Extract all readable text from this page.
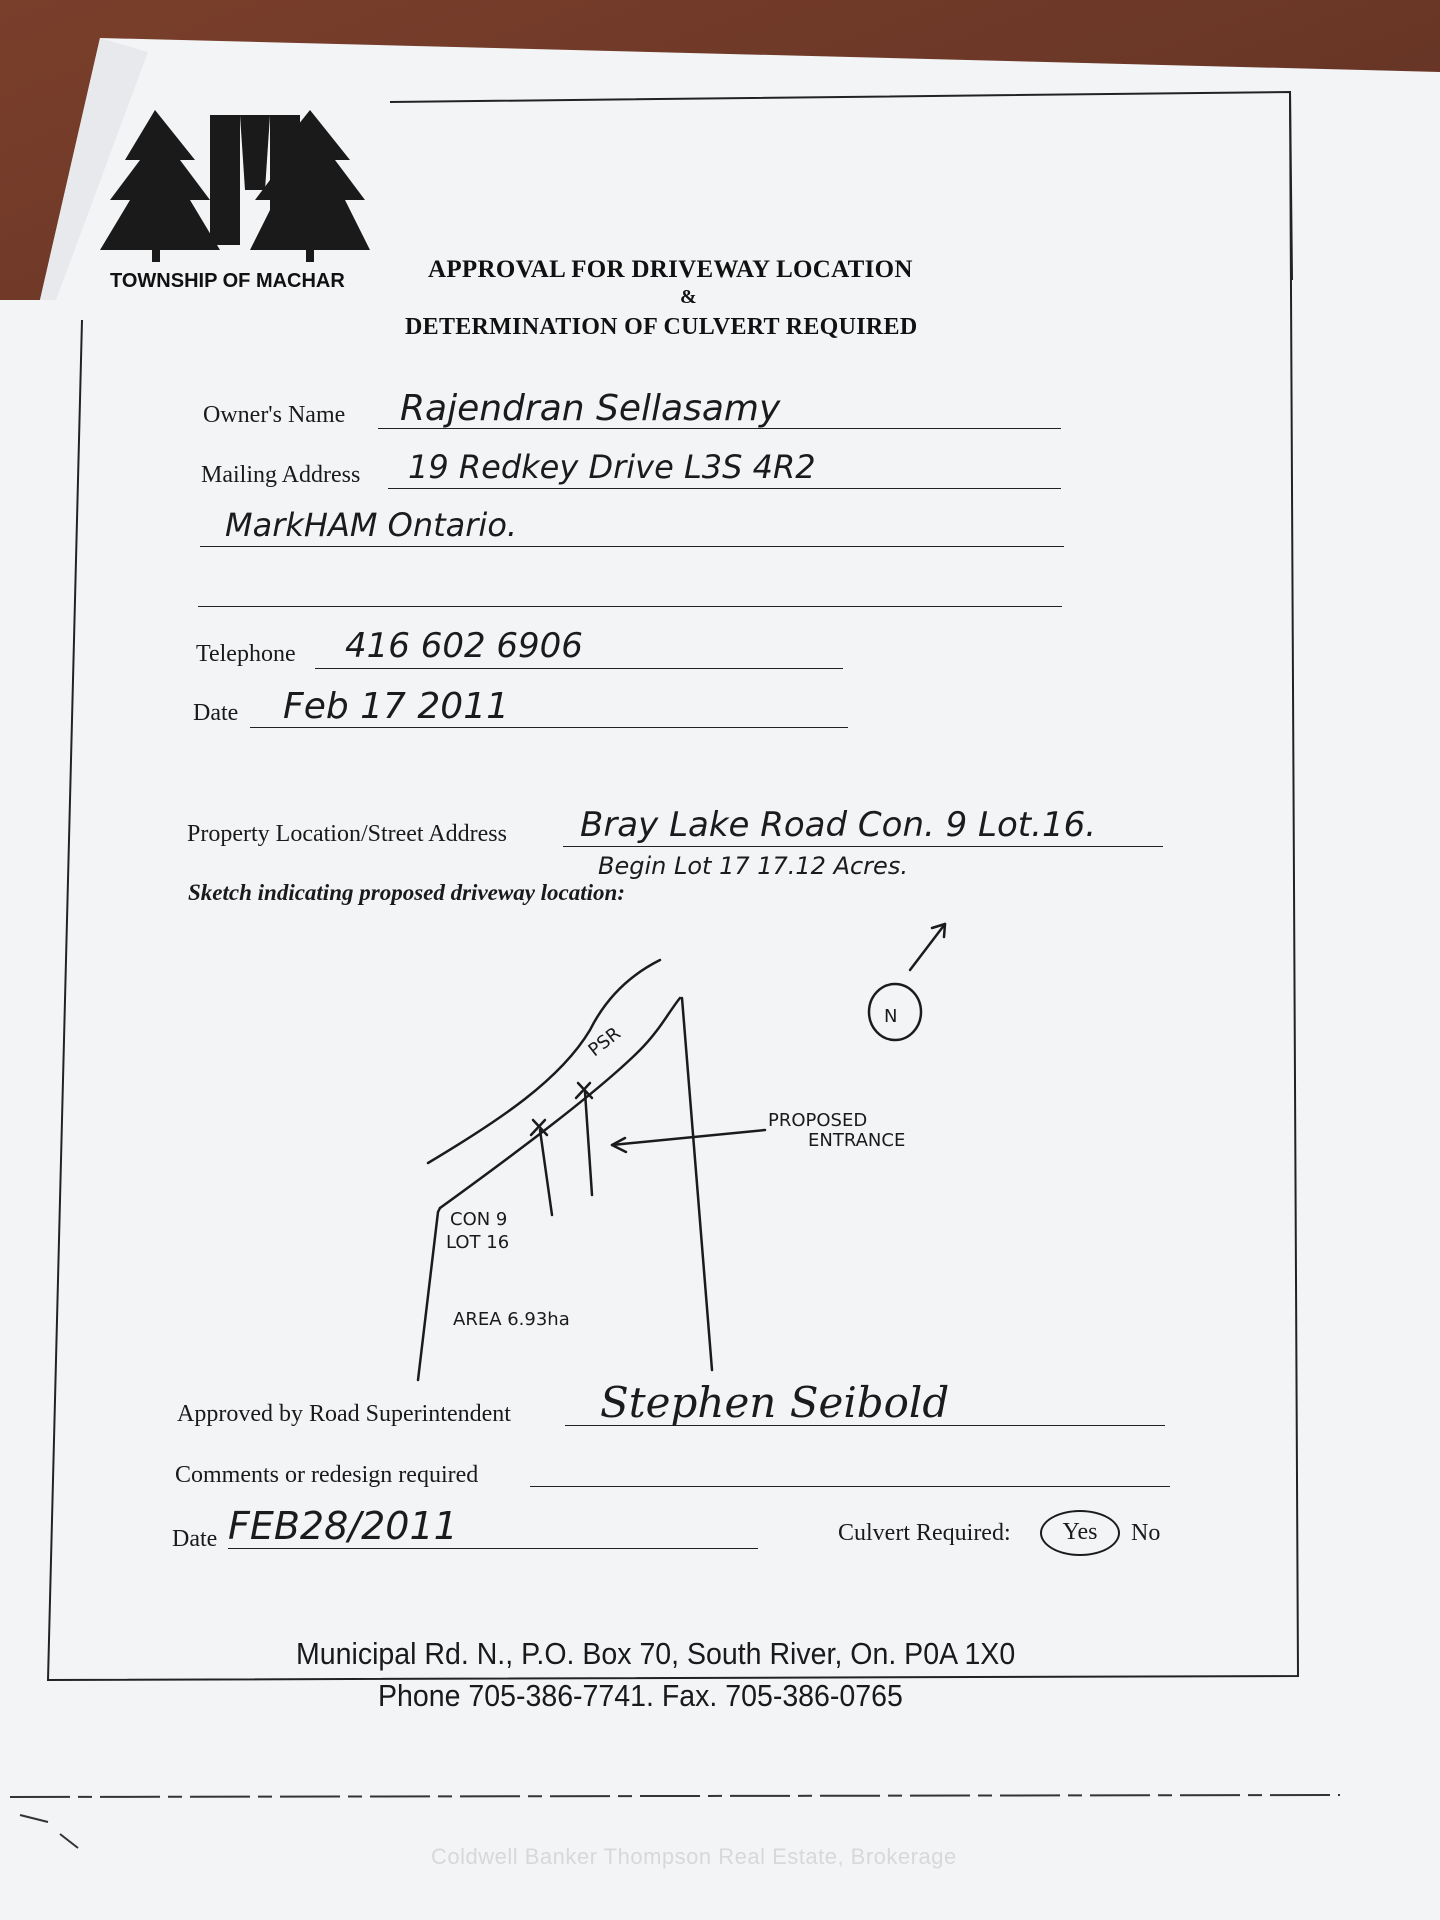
TOWNSHIP OF MACHAR	APPROVAL FOR DRIVEWAY LOCATION
&
DETERMINATION OF CULVERT REQUIRED
Owner's Name Rajendran Sellasamy
Mailing Address 19 Redkey Drive L3S 4R2
MarkHAM Ontario.
Telephone 416 602 6906
Date Feb 17 2011
Property Location/Street Address Bray Lake Road Con. 9 Lot.16.
Begin Lot 17 17.12 Acres.
Sketch indicating proposed driveway location:
PSR
N
PROPOSED
ENTRANCE
CON 9
LOT 16
AREA 6.93ha
Approved by Road Superintendent Stephen Seibold
Comments or redesign required
Date FEB28/2011	Culvert Required:	Yes	No
Municipal Rd. N., P.O. Box 70, South River, On. P0A 1X0
Phone 705-386-7741. Fax. 705-386-0765
Coldwell Banker Thompson Real Estate, Brokerage
